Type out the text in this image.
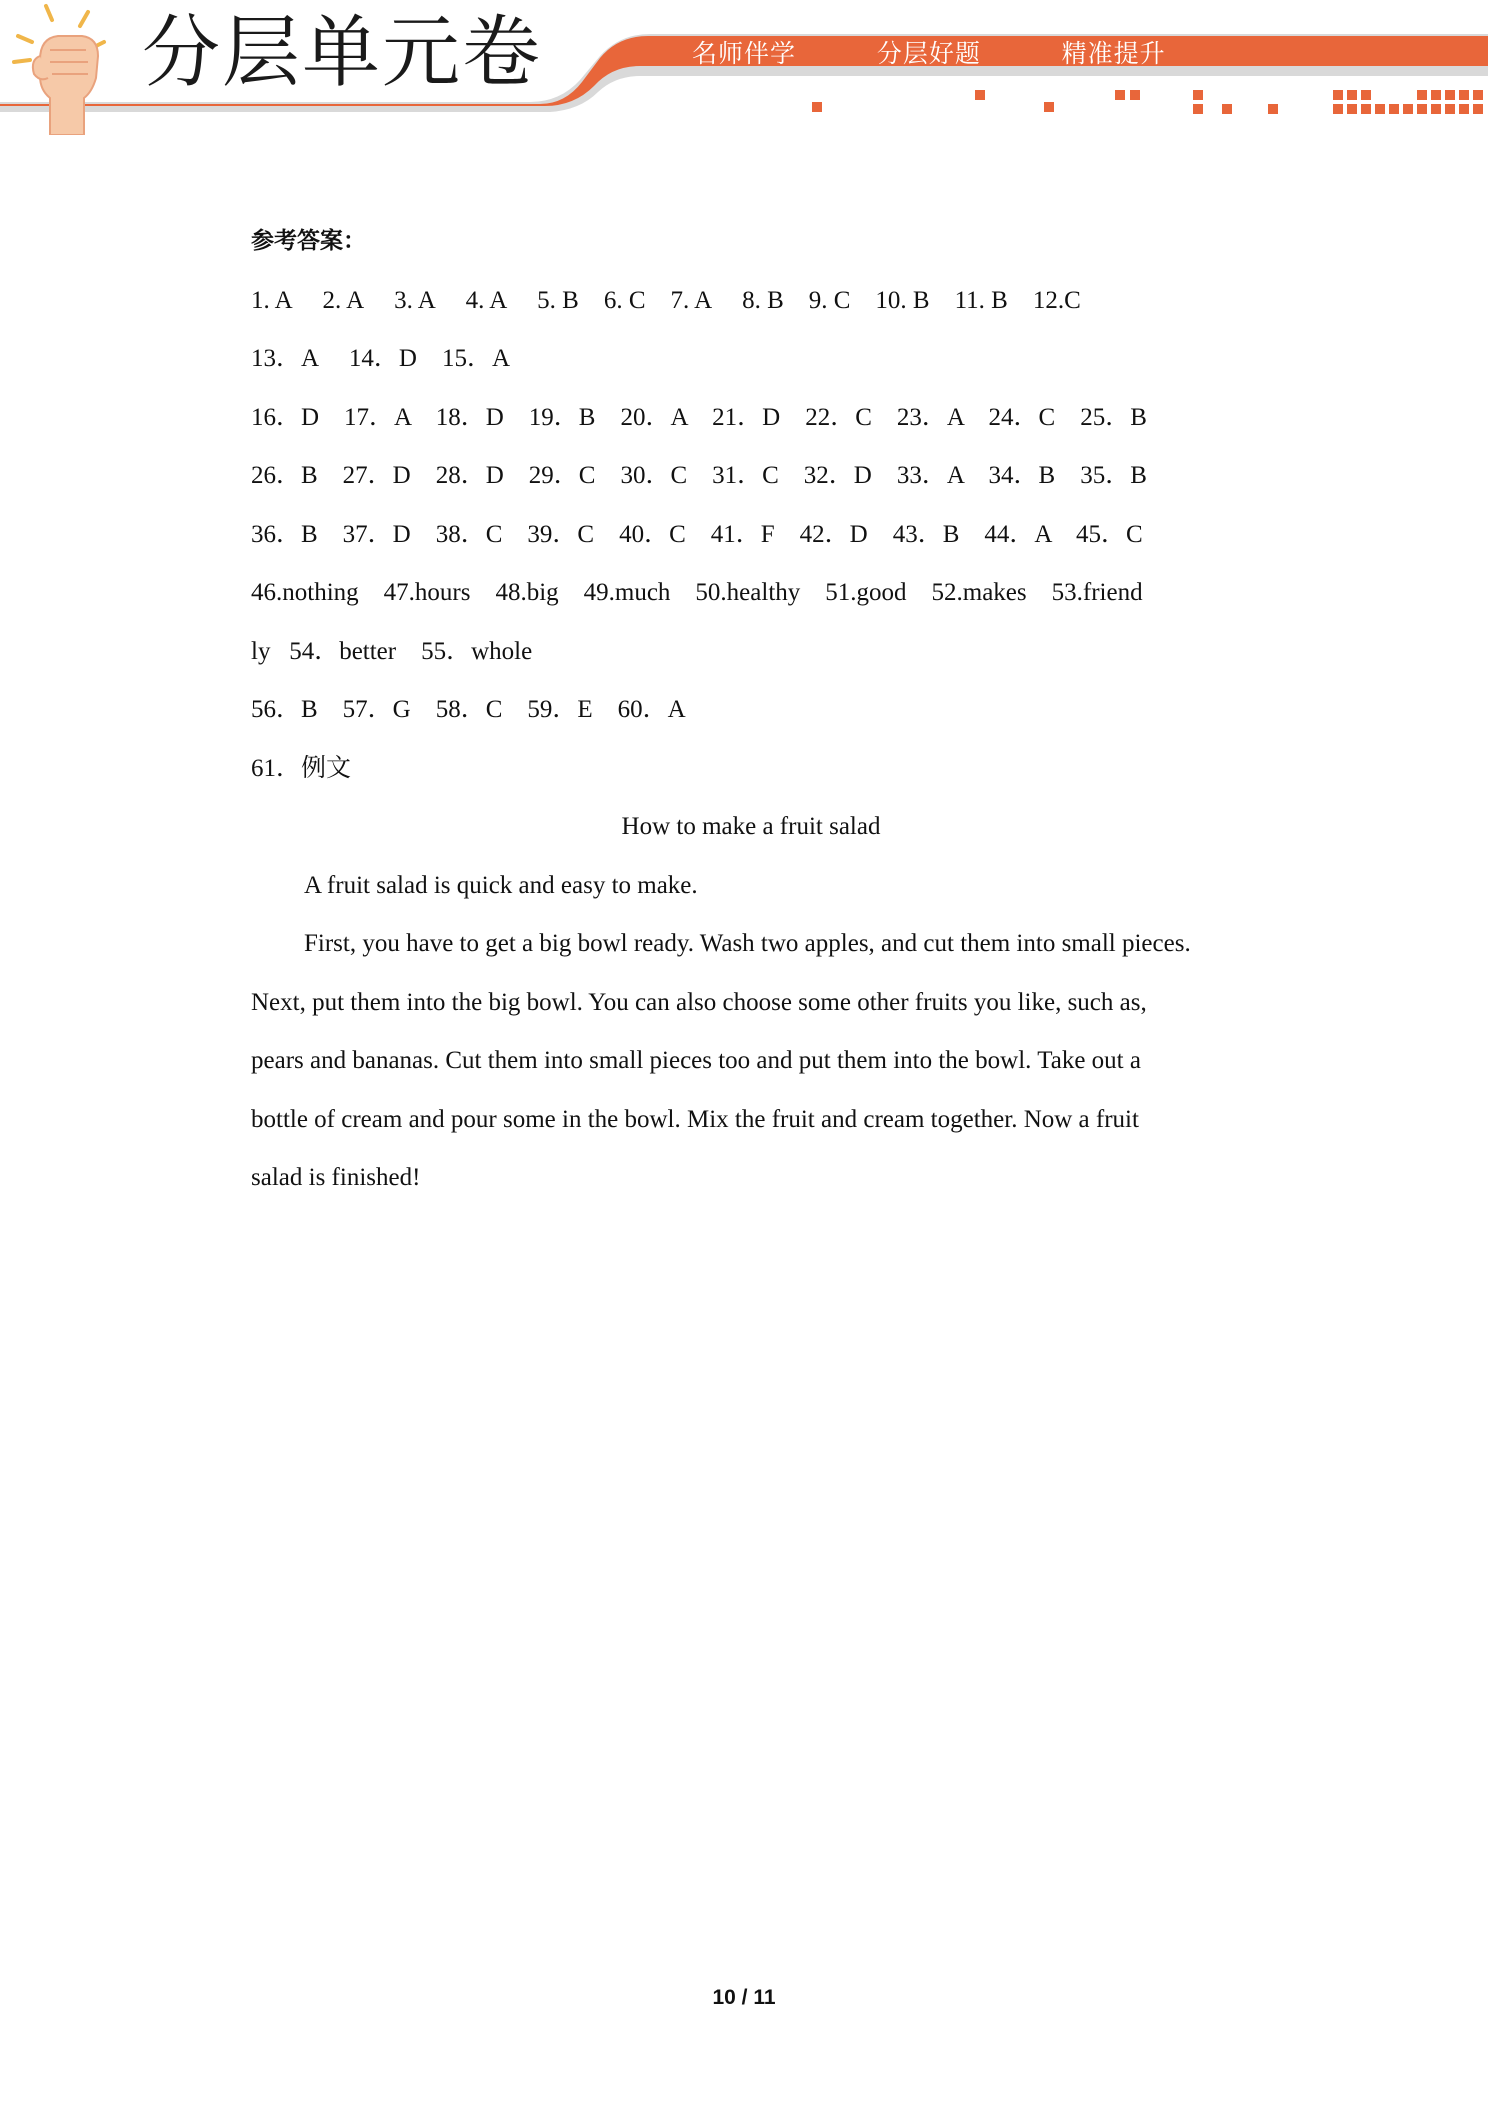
分层单元卷	名师伴学   分层好题   精准提升
参考答案：
1. A     2. A     3. A     4. A     5. B    6. C    7. A     8. B    9. C    10. B    11. B    12.C
13．A     14．D    15．A
16．D    17．A    18．D    19．B    20．A    21．D    22．C    23．A    24．C    25．B
26．B    27．D    28．D    29．C    30．C    31．C    32．D    33．A    34．B    35．B
36．B    37．D    38．C    39．C    40．C    41．F    42．D    43．B    44．A    45．C
46.nothing    47.hours    48.big    49.much    50.healthy    51.good    52.makes    53.friend
ly   54．better    55．whole
56．B    57．G    58．C    59．E    60．A
61．例文
How to make a fruit salad
A fruit salad is quick and easy to make.
First, you have to get a big bowl ready. Wash two apples, and cut them into small pieces.
Next, put them into the big bowl. You can also choose some other fruits you like, such as,
pears and bananas. Cut them into small pieces too and put them into the bowl. Take out a
bottle of cream and pour some in the bowl. Mix the fruit and cream together. Now a fruit
salad is finished!
10 / 11
